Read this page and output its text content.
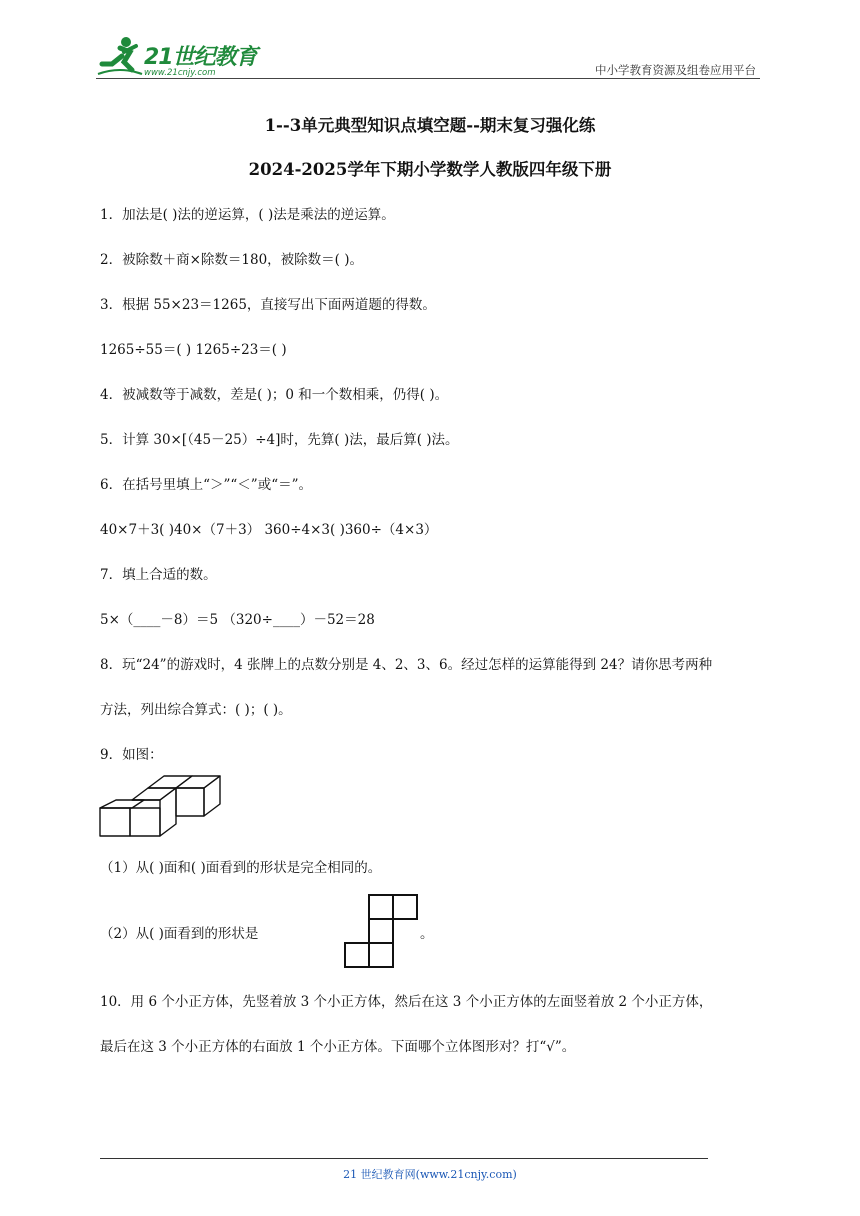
21世纪教育
www.21cnjy.com	中小学教育资源及组卷应用平台
1--3单元典型知识点填空题--期末复习强化练
2024-2025学年下期小学数学人教版四年级下册
1．加法是( )法的逆运算，( )法是乘法的逆运算。
2．被除数＋商×除数＝180，被除数＝( )。
3．根据 55×23＝1265，直接写出下面两道题的得数。
1265÷55＝( ) 1265÷23＝( )
4．被减数等于减数，差是( )；0 和一个数相乘，仍得( )。
5．计算 30×[（45－25）÷4]时，先算( )法，最后算( )法。
6．在括号里填上“＞”“＜”或“＝”。
40×7＋3( )40×（7＋3） 360÷4×3( )360÷（4×3）
7．填上合适的数。
5×（____－8）＝5 （320÷____）－52＝28
8．玩“24”的游戏时，4 张牌上的点数分别是 4、2、3、6。经过怎样的运算能得到 24？请你思考两种
方法，列出综合算式：( )；( )。
9．如图：
（1）从( )面和( )面看到的形状是完全相同的。
（2）从( )面看到的形状是	。
10．用 6 个小正方体，先竖着放 3 个小正方体，然后在这 3 个小正方体的左面竖着放 2 个小正方体，
最后在这 3 个小正方体的右面放 1 个小正方体。下面哪个立体图形对？打“√”。
21 世纪教育网(www.21cnjy.com)
